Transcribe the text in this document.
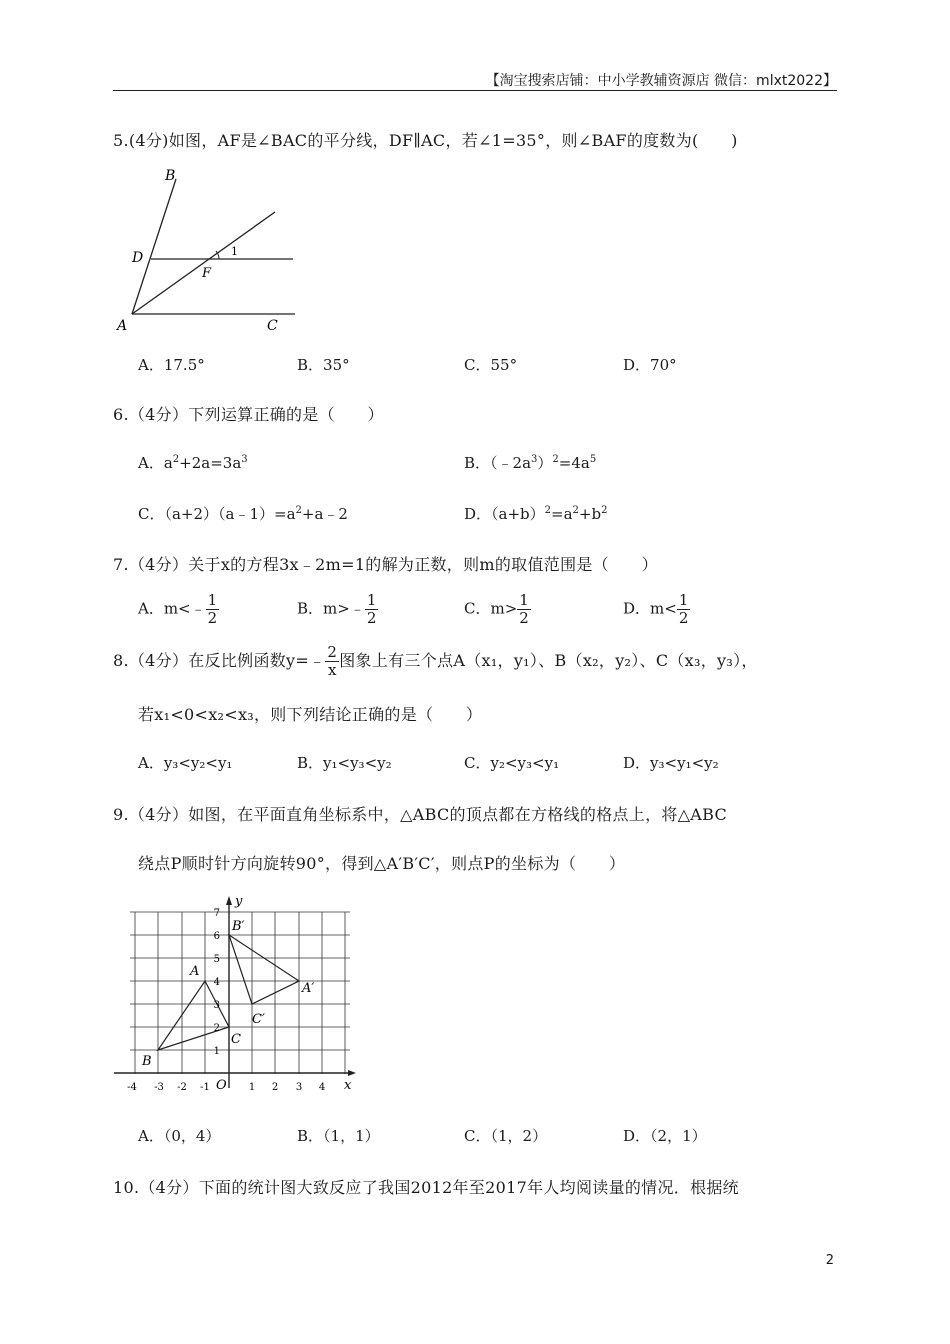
【淘宝搜索店铺：中小学教辅资源店 微信：mlxt2022】
5.(4分)如图，AF是∠BAC的平分线，DF∥AC，若∠1=35°，则∠BAF的度数为(　　)
B
D
F
A	C
1
A．17.5°	B．35°	C．55°	D．70°
6.（4分）下列运算正确的是（　　）
A．$a^2+2a=3a^3$	B．$(﹣2a^3)^2=4a^5$
C．$(a+2)(a﹣1)=a^2+a﹣2$	D．$(a+b)^2=a^2+b^2$
7.（4分）关于x的方程3x﹣2m=1的解为正数，则m的取值范围是（　　）
A．m<﹣ $\frac{1}{2}$	B．m>﹣ $\frac{1}{2}$	C．$m> \frac{1}{2}$	D．$m< \frac{1}{2}$
8.（4分）在反比例函数y=﹣ $\frac{2}{x}$ 图象上有三个点A（x₁，y₁）、B（x₂，y₂）、C（x₃，y₃），
若x₁<0<x₂<x₃，则下列结论正确的是（　　）
A．y₃<y₂<y₁	B．y₁<y₃<y₂	C．y₂<y₃<y₁	D．y₃<y₁<y₂
9.（4分）如图，在平面直角坐标系中，△ABC的顶点都在方格线的格点上，将△ABC
绕点P顺时针方向旋转90°，得到△A′B′C′，则点P的坐标为（　　）
-4 -3 -2 -1	1 2 3 4
1
2
3
4
5
6
7
O	x
y
A
B
C
A′
B′
C′
A．（0，4）	B．（1，1）	C．（1，2）	D．（2，1）
10.（4分）下面的统计图大致反应了我国2012年至2017年人均阅读量的情况．根据统
2
